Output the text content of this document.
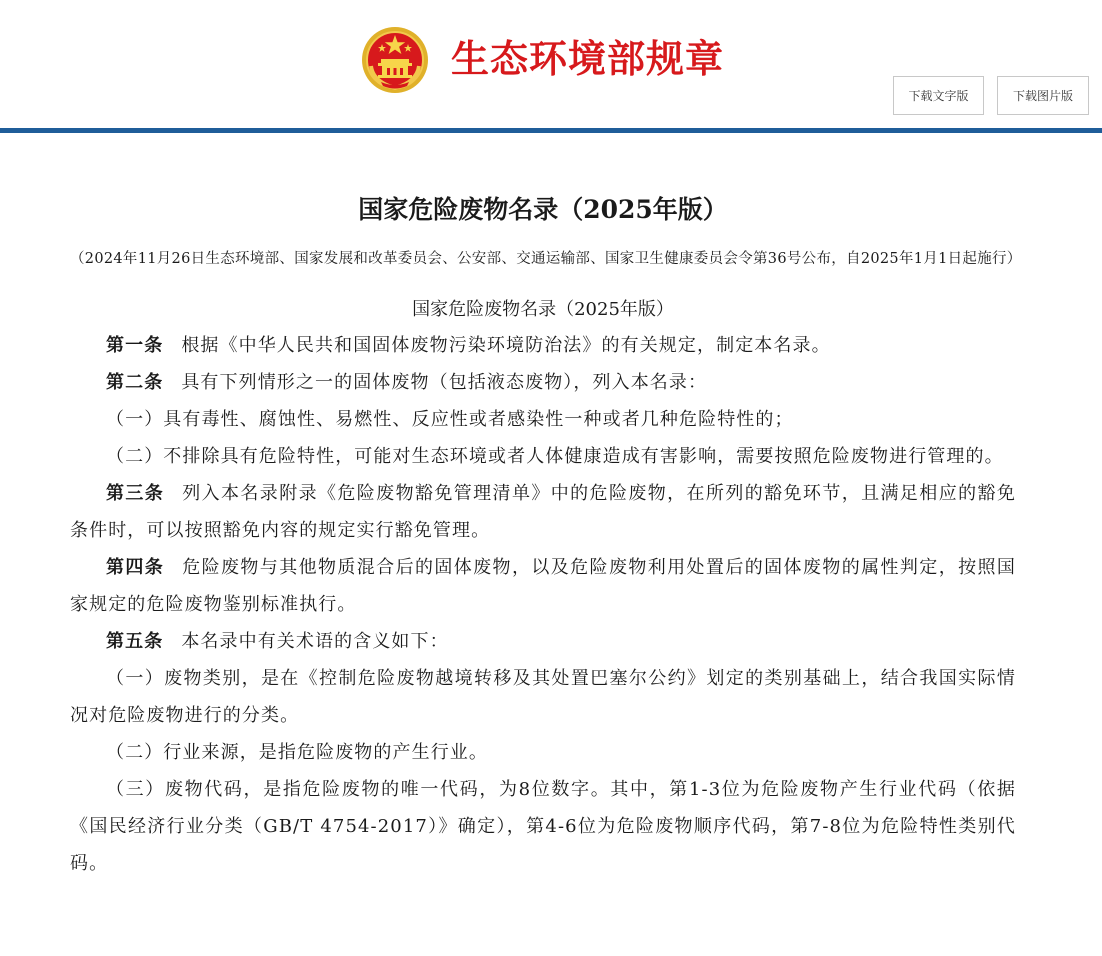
生态环境部规章
下载文字版	下载图片版
国家危险废物名录（2025年版）
（2024年11月26日生态环境部、国家发展和改革委员会、公安部、交通运输部、国家卫生健康委员会令第36号公布，自2025年1月1日起施行）
国家危险废物名录（2025年版）

第一条 根据《中华人民共和国固体废物污染环境防治法》的有关规定，制定本名录。

第二条 具有下列情形之一的固体废物（包括液态废物），列入本名录：

（一）具有毒性、腐蚀性、易燃性、反应性或者感染性一种或者几种危险特性的；

（二）不排除具有危险特性，可能对生态环境或者人体健康造成有害影响，需要按照危险废物进行管理的。

第三条 列入本名录附录《危险废物豁免管理清单》中的危险废物，在所列的豁免环节，且满足相应的豁免条件时，可以按照豁免内容的规定实行豁免管理。

第四条 危险废物与其他物质混合后的固体废物，以及危险废物利用处置后的固体废物的属性判定，按照国家规定的危险废物鉴别标准执行。

第五条 本名录中有关术语的含义如下：

（一）废物类别，是在《控制危险废物越境转移及其处置巴塞尔公约》划定的类别基础上，结合我国实际情况对危险废物进行的分类。

（二）行业来源，是指危险废物的产生行业。

（三）废物代码，是指危险废物的唯一代码，为8位数字。其中，第1-3位为危险废物产生行业代码（依据《国民经济行业分类（GB/T 4754-2017）》确定），第4-6位为危险废物顺序代码，第7-8位为危险特性类别代码。
